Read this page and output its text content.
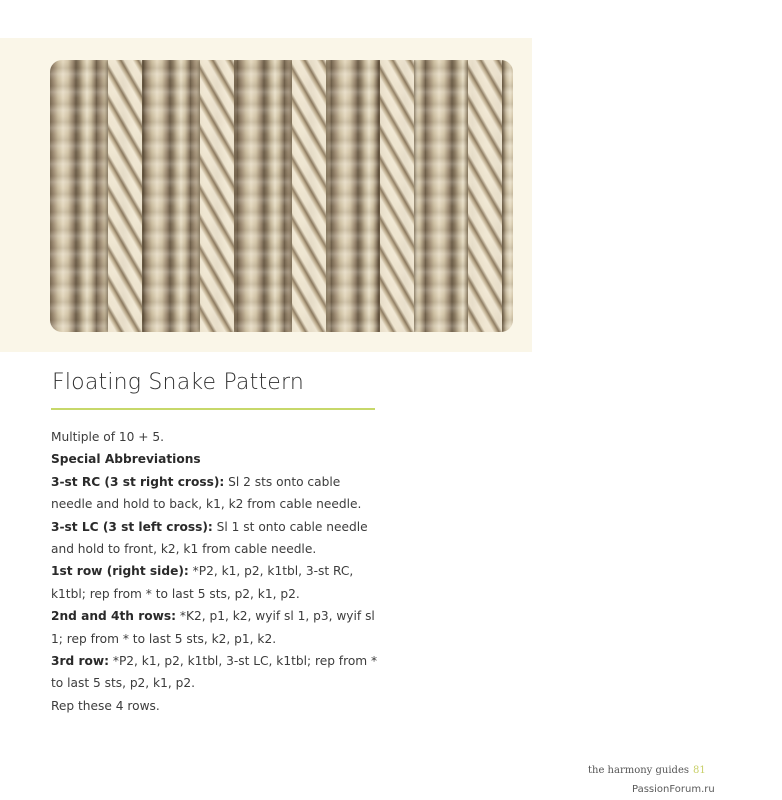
Floating Snake Pattern

Multiple of 10 + 5.

Special Abbreviations

3-st RC (3 st right cross): Sl 2 sts onto cable needle and hold to back, k1, k2 from cable needle.

3-st LC (3 st left cross): Sl 1 st onto cable needle and hold to front, k2, k1 from cable needle.

1st row (right side): *P2, k1, p2, k1tbl, 3-st RC, k1tbl; rep from * to last 5 sts, p2, k1, p2.

2nd and 4th rows: *K2, p1, k2, wyif sl 1, p3, wyif sl 1; rep from * to last 5 sts, k2, p1, k2.

3rd row: *P2, k1, p2, k1tbl, 3-st LC, k1tbl; rep from * to last 5 sts, p2, k1, p2.

Rep these 4 rows.

the harmony guides 81
PassionForum.ru
